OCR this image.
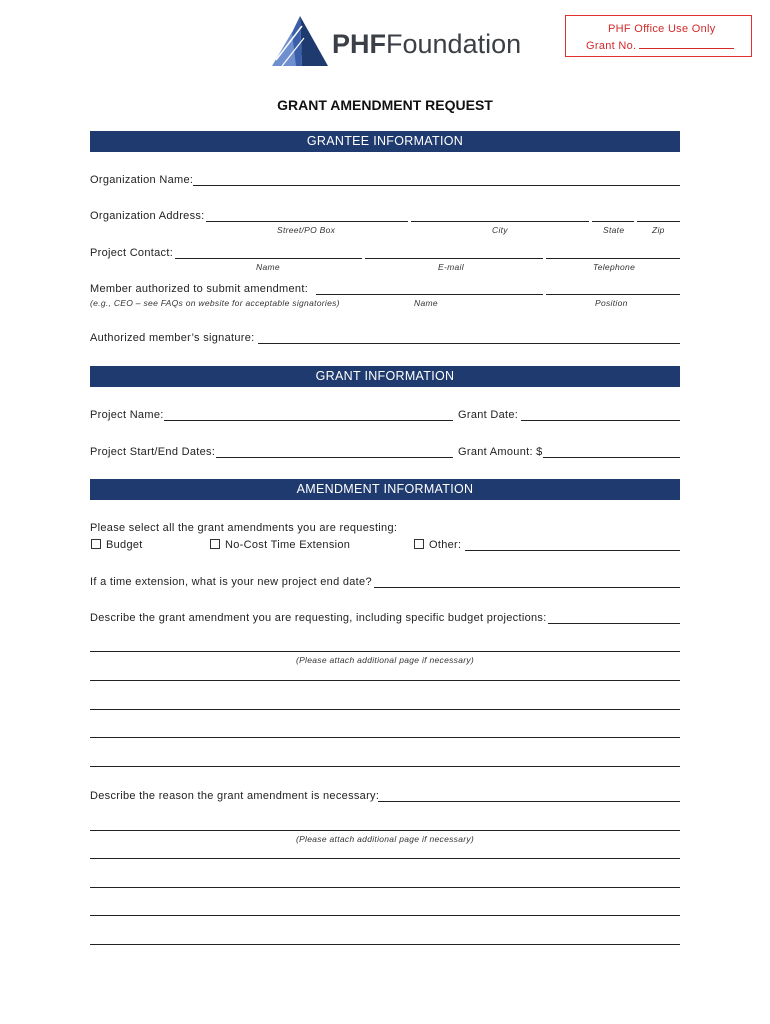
PHFFoundation	PHF Office Use Only
Grant No.
GRANT AMENDMENT REQUEST
GRANTEE INFORMATION
Organization Name:
Organization Address:
Street/PO Box	City	State	Zip
Project Contact:
Name	E-mail	Telephone
Member authorized to submit amendment:
(e.g., CEO – see FAQs on website for acceptable signatories)	Name	Position
Authorized member’s signature:
GRANT INFORMATION
Project Name:	Grant Date:
Project Start/End Dates:	Grant Amount: $
AMENDMENT INFORMATION
Please select all the grant amendments you are requesting:
Budget	No-Cost Time Extension	Other:
If a time extension, what is your new project end date?
Describe the grant amendment you are requesting, including specific budget projections:
(Please attach additional page if necessary)
Describe the reason the grant amendment is necessary:
(Please attach additional page if necessary)
